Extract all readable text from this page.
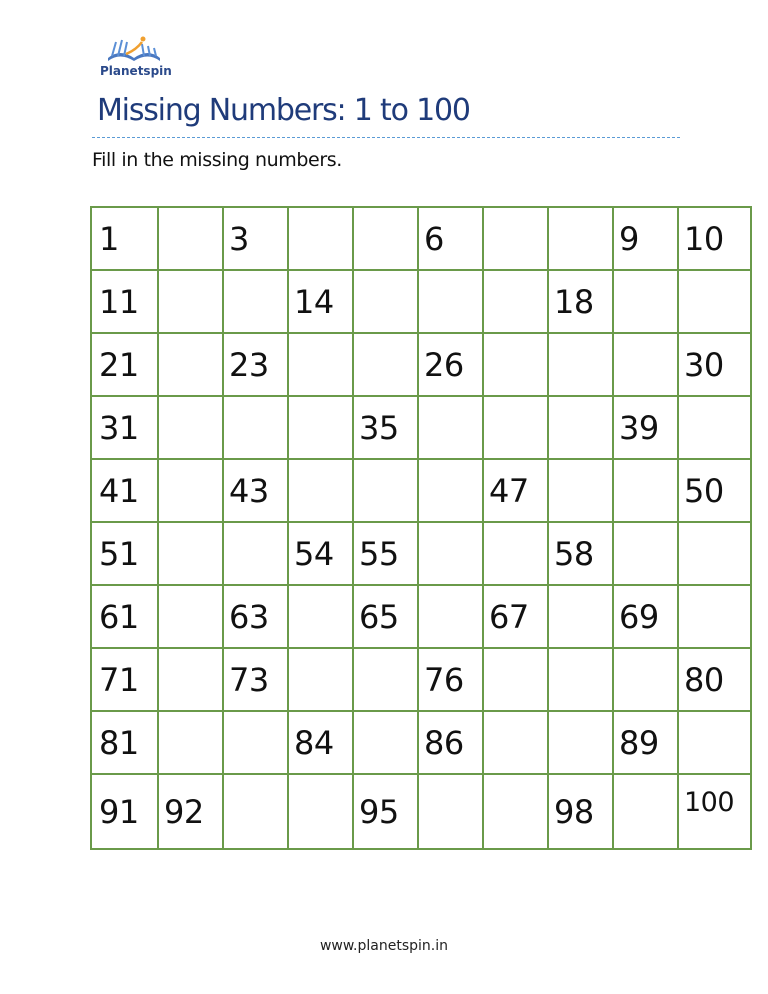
Planetspin
Missing Numbers: 1 to 100
Fill in the missing numbers.
1		3			6			9	10
11			14				18		
21		23			26				30
31				35				39	
41		43				47			50
51			54	55			58		
61		63		65		67		69	
71		73			76				80
81			84		86			89	
91	92			95			98		100
www.planetspin.in
